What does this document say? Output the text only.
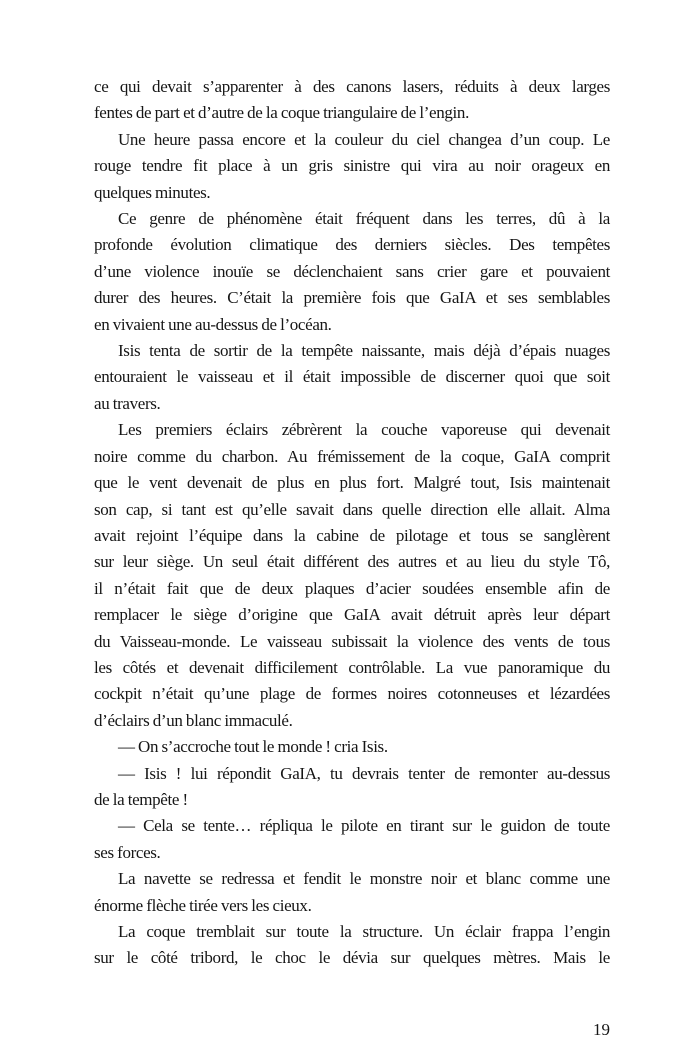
ce qui devait s’apparenter à des canons lasers, réduits à deux larges
fentes de part et d’autre de la coque triangulaire de l’engin.
Une heure passa encore et la couleur du ciel changea d’un coup. Le
rouge tendre fit place à un gris sinistre qui vira au noir orageux en
quelques minutes.
Ce genre de phénomène était fréquent dans les terres, dû à la
profonde évolution climatique des derniers siècles. Des tempêtes
d’une violence inouïe se déclenchaient sans crier gare et pouvaient
durer des heures. C’était la première fois que GaIA et ses semblables
en vivaient une au-dessus de l’océan.
Isis tenta de sortir de la tempête naissante, mais déjà d’épais nuages
entouraient le vaisseau et il était impossible de discerner quoi que soit
au travers.
Les premiers éclairs zébrèrent la couche vaporeuse qui devenait
noire comme du charbon. Au frémissement de la coque, GaIA comprit
que le vent devenait de plus en plus fort. Malgré tout, Isis maintenait
son cap, si tant est qu’elle savait dans quelle direction elle allait. Alma
avait rejoint l’équipe dans la cabine de pilotage et tous se sanglèrent
sur leur siège. Un seul était différent des autres et au lieu du style Tô,
il n’était fait que de deux plaques d’acier soudées ensemble afin de
remplacer le siège d’origine que GaIA avait détruit après leur départ
du Vaisseau-monde. Le vaisseau subissait la violence des vents de tous
les côtés et devenait difficilement contrôlable. La vue panoramique du
cockpit n’était qu’une plage de formes noires cotonneuses et lézardées
d’éclairs d’un blanc immaculé.
— On s’accroche tout le monde ! cria Isis.
— Isis ! lui répondit GaIA, tu devrais tenter de remonter au-dessus
de la tempête !
— Cela se tente… répliqua le pilote en tirant sur le guidon de toute
ses forces.
La navette se redressa et fendit le monstre noir et blanc comme une
énorme flèche tirée vers les cieux.
La coque tremblait sur toute la structure. Un éclair frappa l’engin
sur le côté tribord, le choc le dévia sur quelques mètres. Mais le
19
